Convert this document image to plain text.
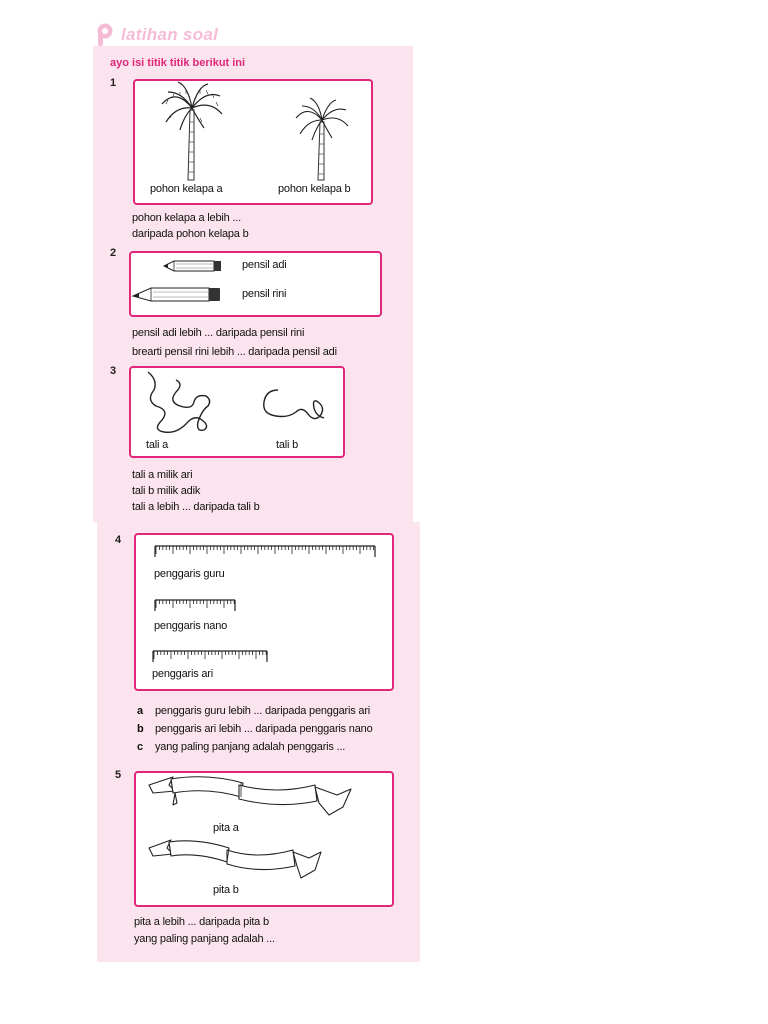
latihan soal
ayo isi titik titik berikut ini
1
pohon kelapa a	pohon kelapa b
pohon kelapa a lebih ...
daripada pohon kelapa b
2
pensil adi
pensil rini
pensil adi lebih ... daripada pensil rini
brearti pensil rini lebih ... daripada pensil adi
3
tali a	tali b
tali a milik ari
tali b milik adik
tali a lebih ... daripada tali b
4
penggaris guru
penggaris nano
penggaris ari
a penggaris guru lebih ... daripada penggaris ari
b penggaris ari lebih ... daripada penggaris nano
c yang paling panjang adalah penggaris ...
5
pita a
pita b
pita a lebih ... daripada pita b
yang paling panjang adalah ...
